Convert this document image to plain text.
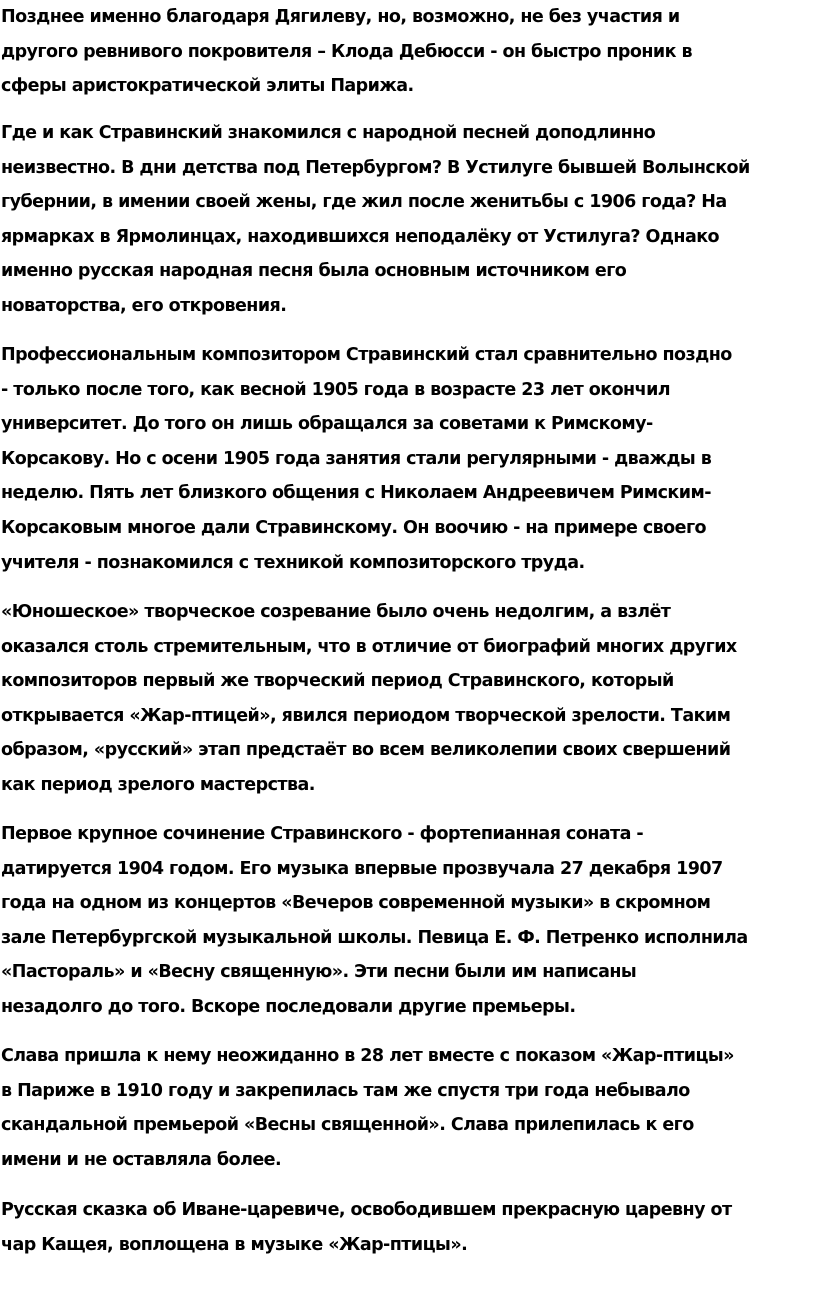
Позднее именно благодаря Дягилеву, но, возможно, не без участия и
другого ревнивого покровителя – Клода Дебюсси - он быстро проник в
сферы аристократической элиты Парижа.
Где и как Стравинский знакомился с народной песней доподлинно
неизвестно. В дни детства под Петербургом? В Устилуге бывшей Волынской
губернии, в имении своей жены, где жил после женитьбы с 1906 года? На
ярмарках в Ярмолинцах, находившихся неподалёку от Устилуга? Однако
именно русская народная песня была основным источником его
новаторства, его откровения.
Профессиональным композитором Стравинский стал сравнительно поздно
- только после того, как весной 1905 года в возрасте 23 лет окончил
университет. До того он лишь обращался за советами к Римскому-
Корсакову. Но с осени 1905 года занятия стали регулярными - дважды в
неделю. Пять лет близкого общения с Николаем Андреевичем Римским-
Корсаковым многое дали Стравинскому. Он воочию - на примере своего
учителя - познакомился с техникой композиторского труда.
«Юношеское» творческое созревание было очень недолгим, а взлёт
оказался столь стремительным, что в отличие от биографий многих других
композиторов первый же творческий период Стравинского, который
открывается «Жар-птицей», явился периодом творческой зрелости. Таким
образом, «русский» этап предстаёт во всем великолепии своих свершений
как период зрелого мастерства.
Первое крупное сочинение Стравинского - фортепианная соната -
датируется 1904 годом. Его музыка впервые прозвучала 27 декабря 1907
года на одном из концертов «Вечеров современной музыки» в скромном
зале Петербургской музыкальной школы. Певица Е. Ф. Петренко исполнила
«Пастораль» и «Весну священную». Эти песни были им написаны
незадолго до того. Вскоре последовали другие премьеры.
Слава пришла к нему неожиданно в 28 лет вместе с показом «Жар-птицы»
в Париже в 1910 году и закрепилась там же спустя три года небывало
скандальной премьерой «Весны священной». Слава прилепилась к его
имени и не оставляла более.
Русская сказка об Иване-царевиче, освободившем прекрасную царевну от
чар Кащея, воплощена в музыке «Жар-птицы».
